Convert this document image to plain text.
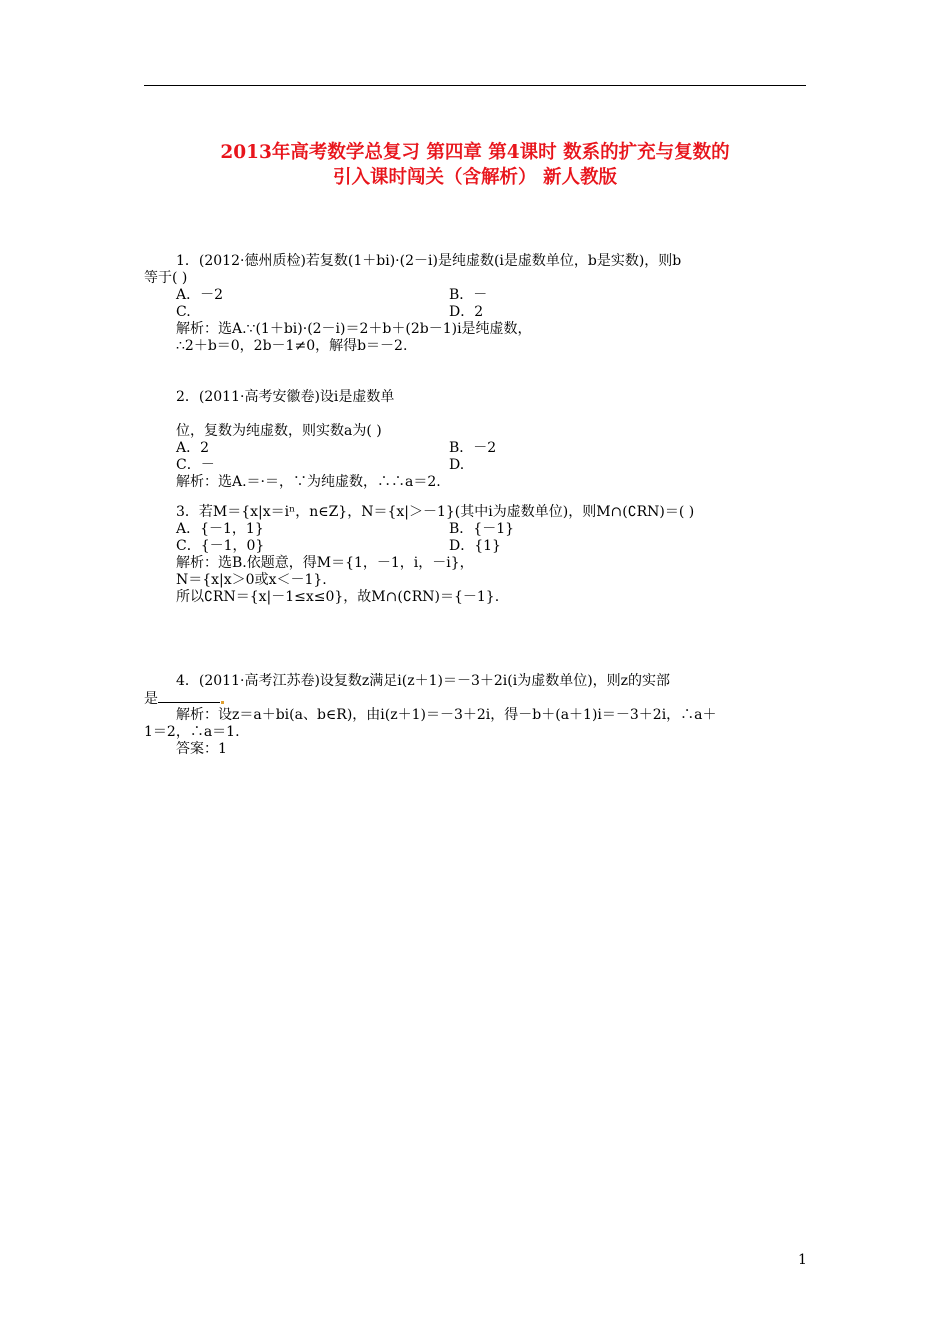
2013年高考数学总复习 第四章 第4课时 数系的扩充与复数的
引入课时闯关（含解析） 新人教版
1．(2012·德州质检)若复数(1＋bi)·(2－i)是纯虚数(i是虚数单位，b是实数)，则b
等于( )
A．－2	B．－
C.	D．2
解析：选A.∵(1＋bi)·(2－i)＝2＋b＋(2b－1)i是纯虚数，
∴2＋b＝0，2b－1≠0，解得b＝－2.
2．(2011·高考安徽卷)设i是虚数单
位，复数为纯虚数，则实数a为( )
A．2	B．－2
C．－	D.
解析：选A.＝·＝，∵为纯虚数，∴∴a＝2.
3．若M＝{x|x＝iⁿ，n∈Z}，N＝{x|＞－1}(其中i为虚数单位)，则M∩(∁RN)＝( )
A．{－1，1}	B．{－1}
C．{－1，0}	D．{1}
解析：选B.依题意，得M＝{1，－1，i，－i}，
N＝{x|x＞0或x＜－1}.
所以∁RN＝{x|－1≤x≤0}，故M∩(∁RN)＝{－1}.
4．(2011·高考江苏卷)设复数z满足i(z＋1)＝－3＋2i(i为虚数单位)，则z的实部
是
解析：设z＝a＋bi(a、b∈R)，由i(z＋1)＝－3＋2i，得－b＋(a＋1)i＝－3＋2i，∴a＋
1＝2，∴a＝1.
答案：1
1
